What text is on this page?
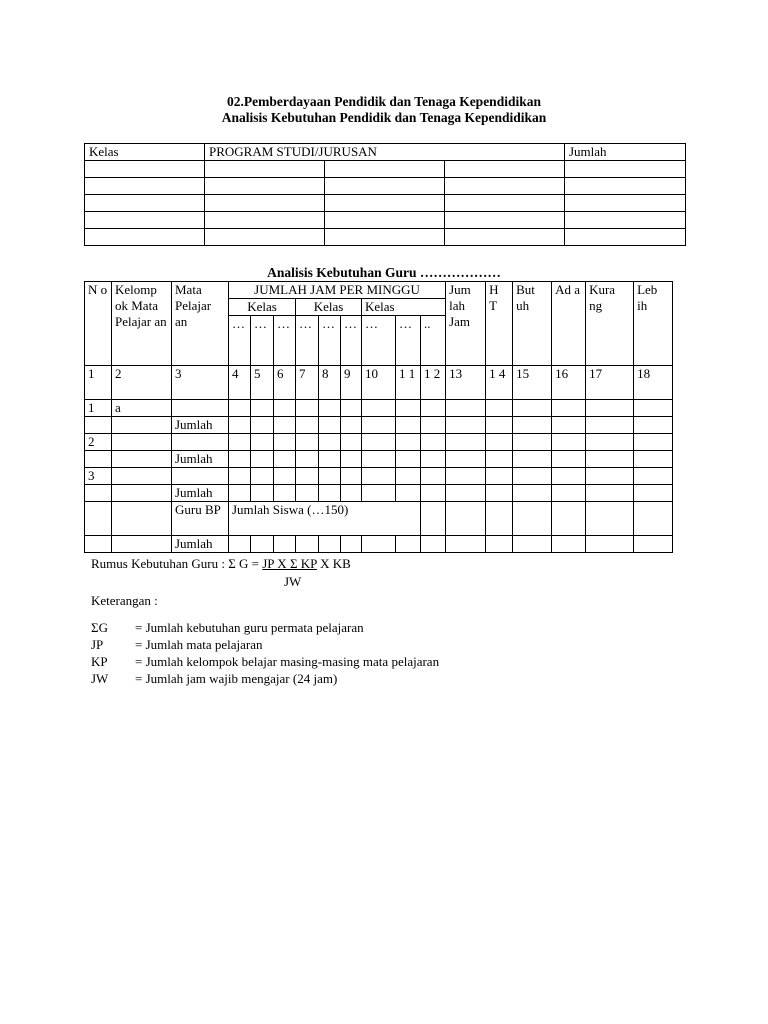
02.Pemberdayaan Pendidik dan Tenaga Kependidikan
Analisis Kebutuhan Pendidik dan Tenaga Kependidikan
Kelas	PROGRAM STUDI/JURUSAN			Jumlah

Analisis Kebutuhan Guru ………………
N o	Kelomp ok Mata Pelajar an	Mata Pelajar an	JUMLAH JAM PER MINGGU									Jum lah Jam	H T	But uh	Ad a	Kura ng	Leb ih	
			Kelas			Kelas			Kelas									
			…	…	…	…	…	…	…	…	..							
1	2	3	4	5	6	7	8	9	10	1 1	1 2	13	1 4	15	16	17	18	
1	a																	
		Jumlah																
2																		
		Jumlah																
3																		
		Jumlah																
		Guru BP	Jumlah Siswa (…150)															
		Jumlah																
Rumus Kebutuhan Guru : Σ G = JP X Σ KP X KB
JW
Keterangan :
ΣG = Jumlah kebutuhan guru permata pelajaran
JP = Jumlah mata pelajaran
KP = Jumlah kelompok belajar masing-masing mata pelajaran
JW = Jumlah jam wajib mengajar (24 jam)
